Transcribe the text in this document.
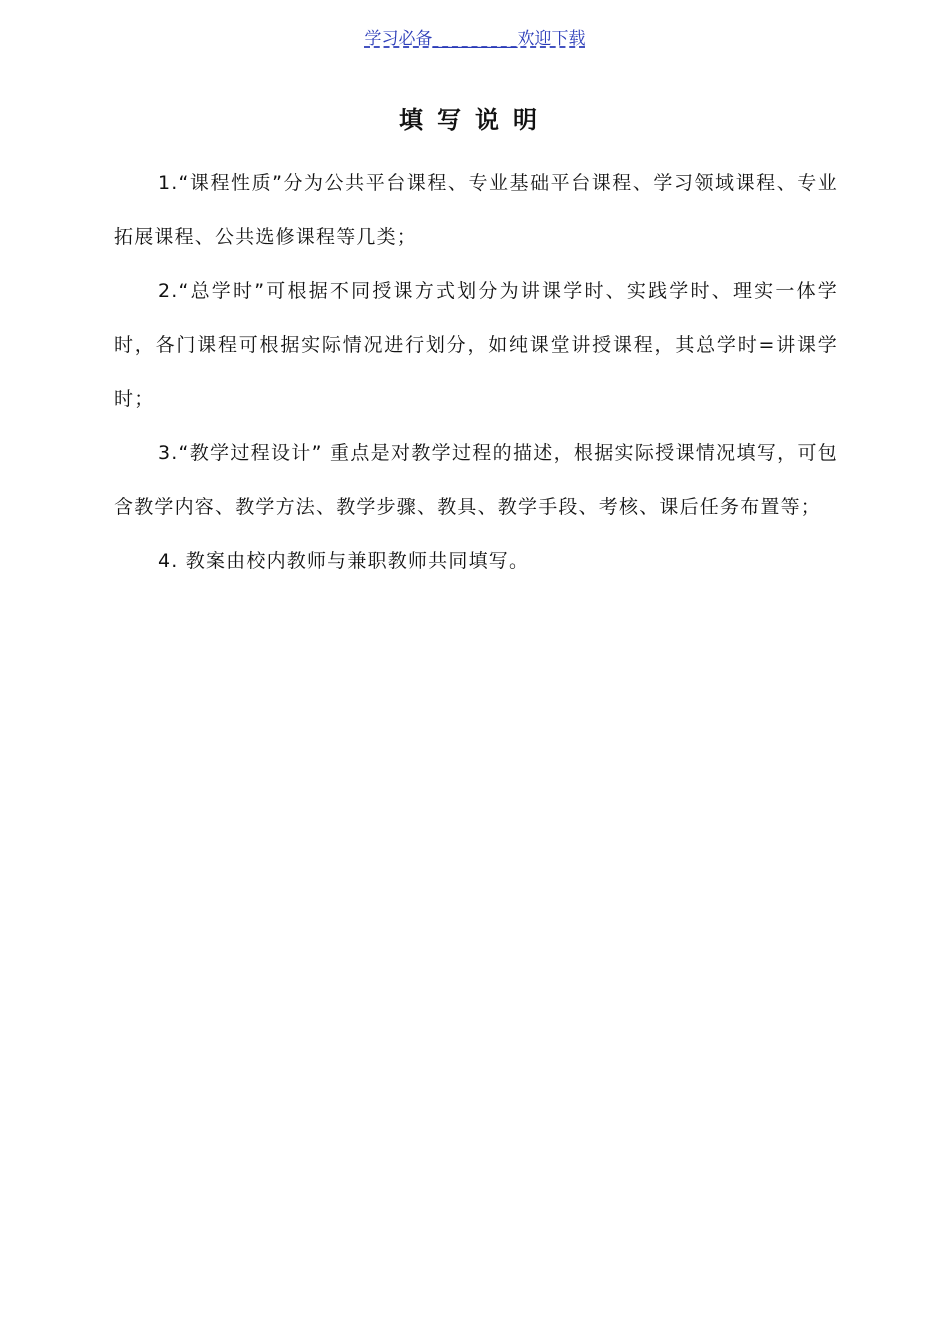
学习必备__________欢迎下载
填写说明

1.“课程性质”分为公共平台课程、专业基础平台课程、学习领域课程、专业拓展课程、公共选修课程等几类；

2.“总学时”可根据不同授课方式划分为讲课学时、实践学时、理实一体学时，各门课程可根据实际情况进行划分，如纯课堂讲授课程，其总学时=讲课学时；

3.“教学过程设计” 重点是对教学过程的描述，根据实际授课情况填写，可包含教学内容、教学方法、教学步骤、教具、教学手段、考核、课后任务布置等；

4. 教案由校内教师与兼职教师共同填写。
